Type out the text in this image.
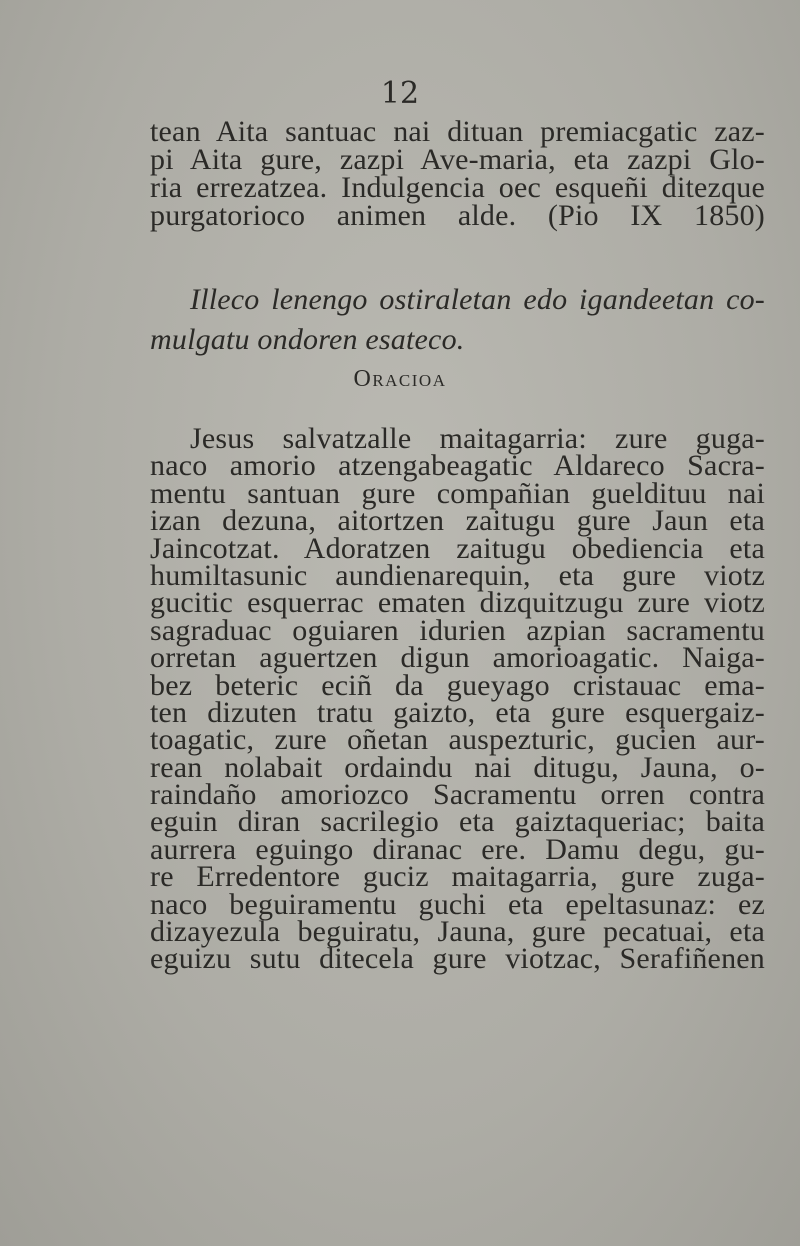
12
tean Aita santuac nai dituan premiacgatic zaz-
pi Aita gure, zazpi Ave-maria, eta zazpi Glo-
ria errezatzea. Indulgencia oec esqueñi ditezque
purgatorioco animen alde. (Pio IX 1850)
Illeco lenengo ostiraletan edo igandeetan co-
mulgatu ondoren esateco.
Oracioa
Jesus salvatzalle maitagarria: zure guga-
naco amorio atzengabeagatic Aldareco Sacra-
mentu santuan gure compañian gueldituu nai
izan dezuna, aitortzen zaitugu gure Jaun eta
Jaincotzat. Adoratzen zaitugu obediencia eta
humiltasunic aundienarequin, eta gure viotz
gucitic esquerrac ematen dizquitzugu zure viotz
sagraduac oguiaren idurien azpian sacramentu
orretan aguertzen digun amorioagatic. Naiga-
bez beteric eciñ da gueyago cristauac ema-
ten dizuten tratu gaizto, eta gure esquergaiz-
toagatic, zure oñetan auspezturic, gucien aur-
rean nolabait ordaindu nai ditugu, Jauna, o-
raindaño amoriozco Sacramentu orren contra
eguin diran sacrilegio eta gaiztaqueriac; baita
aurrera eguingo diranac ere. Damu degu, gu-
re Erredentore guciz maitagarria, gure zuga-
naco beguiramentu guchi eta epeltasunaz: ez
dizayezula beguiratu, Jauna, gure pecatuai, eta
eguizu sutu ditecela gure viotzac, Serafiñenen
